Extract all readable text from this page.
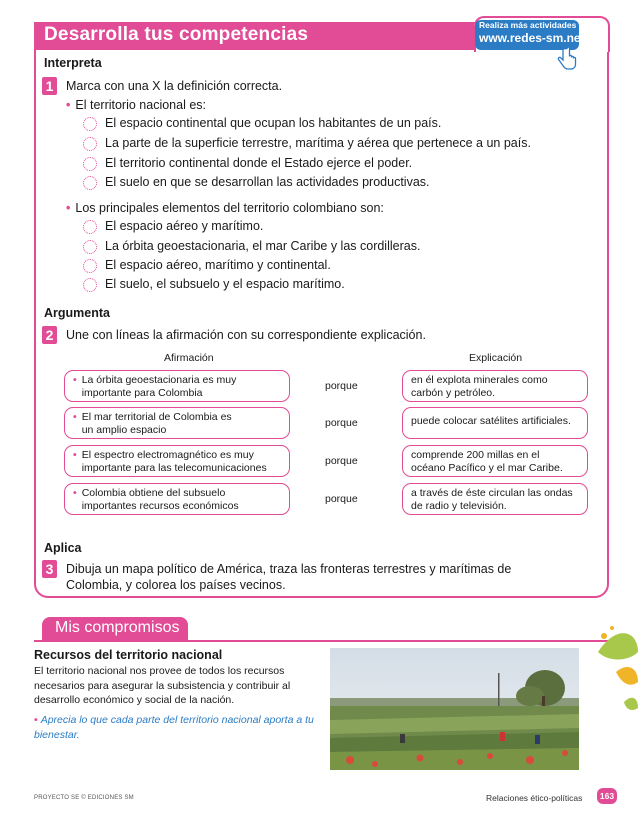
Desarrolla tus competencias	Realiza más actividades en
www.redes-sm.net
Interpreta
1 Marca con una X la definición correcta.
• El territorio nacional es:
El espacio continental que ocupan los habitantes de un país.
La parte de la superficie terrestre, marítima y aérea que pertenece a un país.
El territorio continental donde el Estado ejerce el poder.
El suelo en que se desarrollan las actividades productivas.
• Los principales elementos del territorio colombiano son:
El espacio aéreo y marítimo.
La órbita geoestacionaria, el mar Caribe y las cordilleras.
El espacio aéreo, marítimo y continental.
El suelo, el subsuelo y el espacio marítimo.
Argumenta
2 Une con líneas la afirmación con su correspondiente explicación.
Afirmación	Explicación
• La órbita geoestacionaria es muy
importante para Colombia
porque	en él explota minerales como
carbón y petróleo.
• El mar territorial de Colombia es
un amplio espacio
porque	puede colocar satélites artificiales.
• El espectro electromagnético es muy
importante para las telecomunicaciones
porque	comprende 200 millas en el
océano Pacífico y el mar Caribe.
• Colombia obtiene del subsuelo
importantes recursos económicos
porque	a través de éste circulan las ondas
de radio y televisión.
Aplica
3 Dibuja un mapa político de América, traza las fronteras terrestres y marítimas de
Colombia, y colorea los países vecinos.
Mis compromisos
Recursos del territorio nacional
El territorio nacional nos provee de todos los recursos necesarios para asegurar la subsistencia y contribuir al desarrollo económico y social de la nación.
• Aprecia lo que cada parte del territorio nacional aporta a tu bienestar.
PROYECTO SE © EDICIONES SM	Relaciones ético-políticas	163
